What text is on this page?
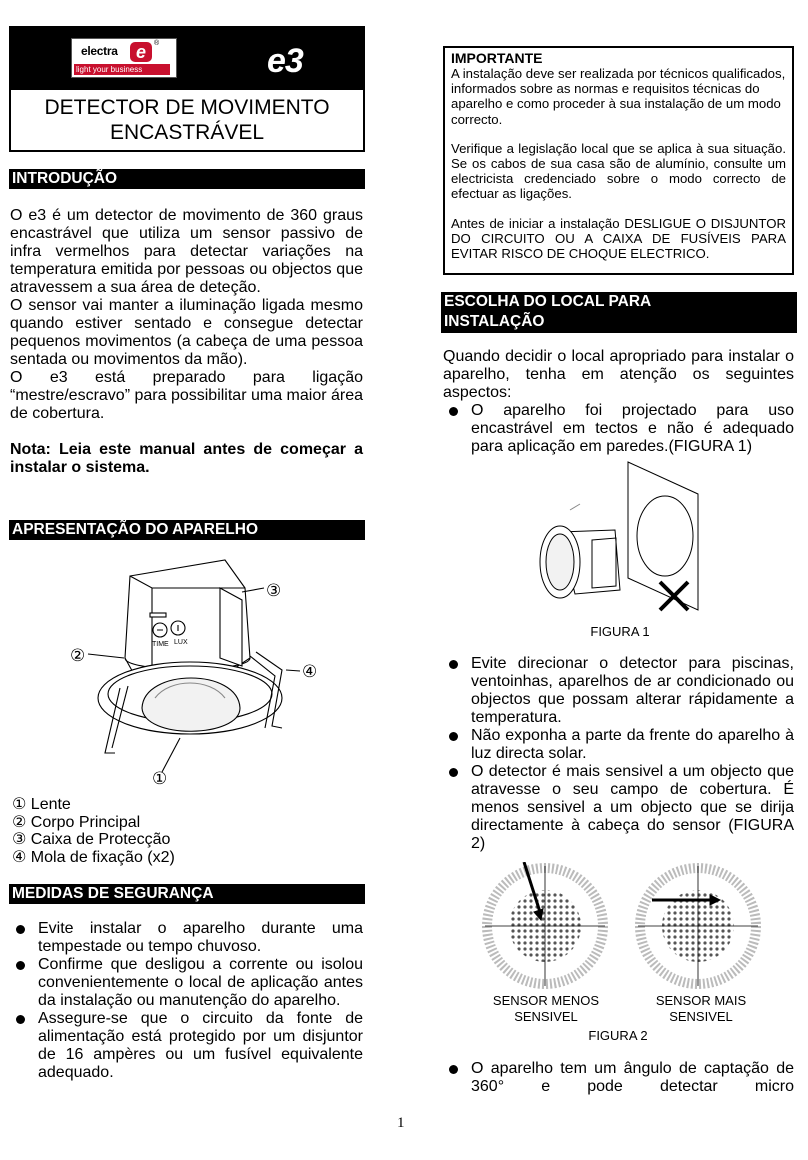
electra	e	®
light your business	e3
DETECTOR DE MOVIMENTO
ENCASTRÁVEL
INTRODUÇÃO

O e3 é um detector de movimento de 360 graus encastrável que utiliza um sensor passivo de infra vermelhos para detectar variações na temperatura emitida por pessoas ou objectos que atravessem a sua área de deteção.

O sensor vai manter a iluminação ligada mesmo quando estiver sentado e consegue detectar pequenos movimentos (a cabeça de uma pessoa sentada ou movimentos da mão).

O e3 está preparado para ligação “mestre/escravo” para possibilitar uma maior área de cobertura.

Nota: Leia este manual antes de começar a instalar o sistema.

APRESENTAÇÃO DO APARELHO
TIME LUX
①
②
③
④
① Lente
② Corpo Principal
③ Caixa de Protecção
④ Mola de fixação (x2)
MEDIDAS DE SEGURANÇA
Evite instalar o aparelho durante uma tempestade ou tempo chuvoso.
Confirme que desligou a corrente ou isolou convenientemente o local de aplicação antes da instalação ou manutenção do aparelho.
Assegure-se que o circuito da fonte de alimentação está protegido por um disjuntor de 16 ampères ou um fusível equivalente adequado.
IMPORTANTE

A instalação deve ser realizada por técnicos qualificados, informados sobre as normas e requisitos técnicas do aparelho e como proceder à sua instalação de um modo correcto.

Verifique a legislação local que se aplica à sua situação. Se os cabos de sua casa são de alumínio, consulte um electricista credenciado sobre o modo correcto de efectuar as ligações.

Antes de iniciar a instalação DESLIGUE O DISJUNTOR DO CIRCUITO OU A CAIXA DE FUSÍVEIS PARA EVITAR RISCO DE CHOQUE ELECTRICO.

ESCOLHA DO LOCAL PARA
INSTALAÇÃO

Quando decidir o local apropriado para instalar o aparelho, tenha em atenção os seguintes aspectos:

O aparelho foi projectado para uso encastrável em tectos e não é adequado para aplicação em paredes.(FIGURA 1)
FIGURA 1
Evite direcionar o detector para piscinas, ventoinhas, aparelhos de ar condicionado ou objectos que possam alterar rápidamente a temperatura.
Não exponha a parte da frente do aparelho à luz directa solar.
O detector é mais sensivel a um objecto que atravesse o seu campo de cobertura. É menos sensivel a um objecto que se dirija directamente à cabeça do sensor (FIGURA 2)
SENSOR MENOS
SENSIVEL
SENSOR MAIS
SENSIVEL
FIGURA 2
O aparelho tem um ângulo de captação de 360° e pode detectar micro
1
